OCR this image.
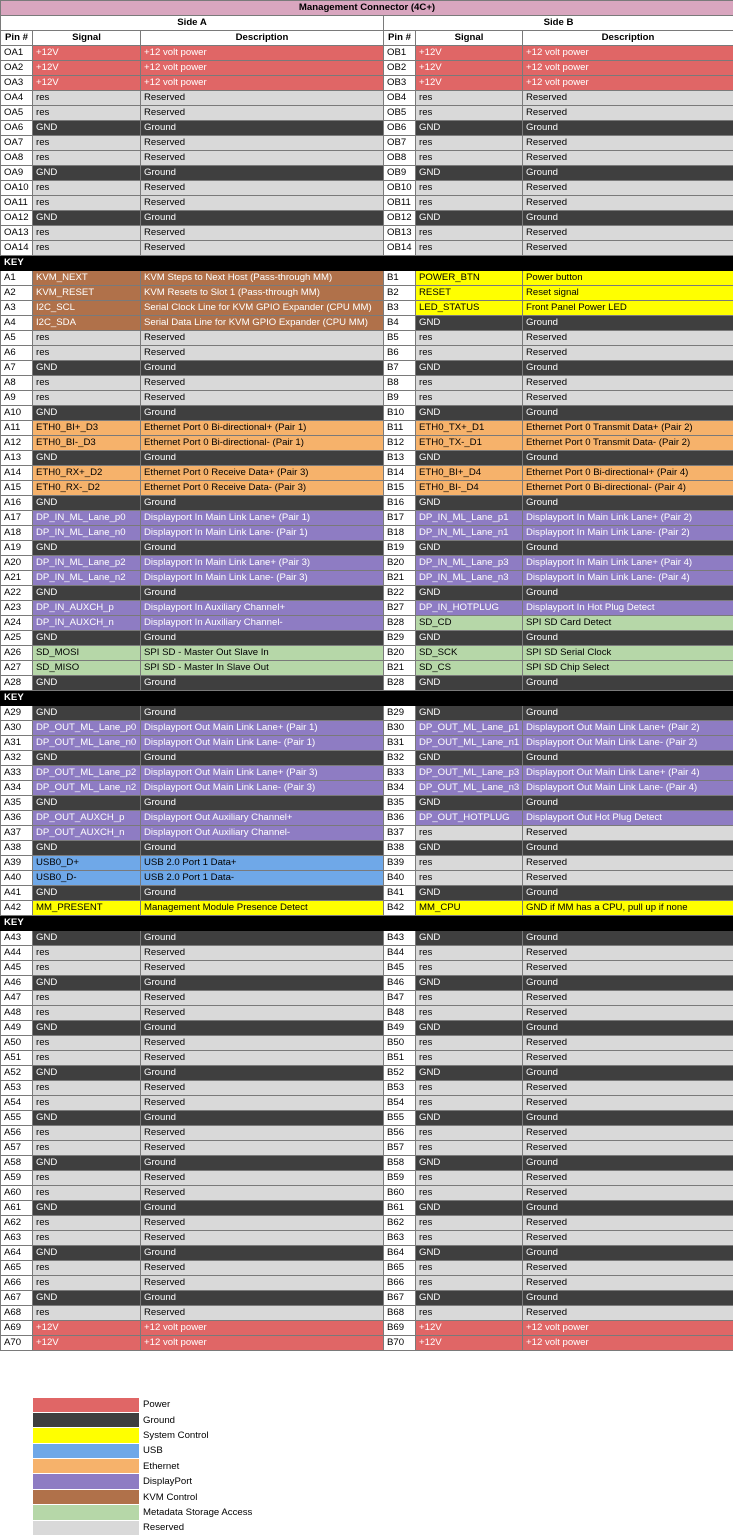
Management Connector (4C+)					
Side A			Side B		
Pin #	Signal	Description	Pin #	Signal	Description
OA1	+12V	+12 volt power	OB1	+12V	+12 volt power
OA2	+12V	+12 volt power	OB2	+12V	+12 volt power
OA3	+12V	+12 volt power	OB3	+12V	+12 volt power
OA4	res	Reserved	OB4	res	Reserved
OA5	res	Reserved	OB5	res	Reserved
OA6	GND	Ground	OB6	GND	Ground
OA7	res	Reserved	OB7	res	Reserved
OA8	res	Reserved	OB8	res	Reserved
OA9	GND	Ground	OB9	GND	Ground
OA10	res	Reserved	OB10	res	Reserved
OA11	res	Reserved	OB11	res	Reserved
OA12	GND	Ground	OB12	GND	Ground
OA13	res	Reserved	OB13	res	Reserved
OA14	res	Reserved	OB14	res	Reserved
KEY					
A1	KVM_NEXT	KVM Steps to Next Host (Pass-through MM)	B1	POWER_BTN	Power button
A2	KVM_RESET	KVM Resets to Slot 1 (Pass-through MM)	B2	RESET	Reset signal
A3	I2C_SCL	Serial Clock Line for KVM GPIO Expander (CPU MM)	B3	LED_STATUS	Front Panel Power LED
A4	I2C_SDA	Serial Data Line for KVM GPIO Expander (CPU MM)	B4	GND	Ground
A5	res	Reserved	B5	res	Reserved
A6	res	Reserved	B6	res	Reserved
A7	GND	Ground	B7	GND	Ground
A8	res	Reserved	B8	res	Reserved
A9	res	Reserved	B9	res	Reserved
A10	GND	Ground	B10	GND	Ground
A11	ETH0_BI+_D3	Ethernet Port 0 Bi-directional+ (Pair 1)	B11	ETH0_TX+_D1	Ethernet Port 0 Transmit Data+ (Pair 2)
A12	ETH0_BI-_D3	Ethernet Port 0 Bi-directional- (Pair 1)	B12	ETH0_TX-_D1	Ethernet Port 0 Transmit Data- (Pair 2)
A13	GND	Ground	B13	GND	Ground
A14	ETH0_RX+_D2	Ethernet Port 0 Receive Data+ (Pair 3)	B14	ETH0_BI+_D4	Ethernet Port 0 Bi-directional+ (Pair 4)
A15	ETH0_RX-_D2	Ethernet Port 0 Receive Data- (Pair 3)	B15	ETH0_BI-_D4	Ethernet Port 0 Bi-directional- (Pair 4)
A16	GND	Ground	B16	GND	Ground
A17	DP_IN_ML_Lane_p0	Displayport In Main Link Lane+ (Pair 1)	B17	DP_IN_ML_Lane_p1	Displayport In Main Link Lane+ (Pair 2)
A18	DP_IN_ML_Lane_n0	Displayport In Main Link Lane- (Pair 1)	B18	DP_IN_ML_Lane_n1	Displayport In Main Link Lane- (Pair 2)
A19	GND	Ground	B19	GND	Ground
A20	DP_IN_ML_Lane_p2	Displayport In Main Link Lane+ (Pair 3)	B20	DP_IN_ML_Lane_p3	Displayport In Main Link Lane+ (Pair 4)
A21	DP_IN_ML_Lane_n2	Displayport In Main Link Lane- (Pair 3)	B21	DP_IN_ML_Lane_n3	Displayport In Main Link Lane- (Pair 4)
A22	GND	Ground	B22	GND	Ground
A23	DP_IN_AUXCH_p	Displayport In Auxiliary Channel+	B27	DP_IN_HOTPLUG	Displayport In Hot Plug Detect
A24	DP_IN_AUXCH_n	Displayport In Auxiliary Channel-	B28	SD_CD	SPI SD Card Detect
A25	GND	Ground	B29	GND	Ground
A26	SD_MOSI	SPI SD - Master Out Slave In	B20	SD_SCK	SPI SD Serial Clock
A27	SD_MISO	SPI SD - Master In Slave Out	B21	SD_CS	SPI SD Chip Select
A28	GND	Ground	B28	GND	Ground
KEY					
A29	GND	Ground	B29	GND	Ground
A30	DP_OUT_ML_Lane_p0	Displayport Out Main Link Lane+ (Pair 1)	B30	DP_OUT_ML_Lane_p1	Displayport Out Main Link Lane+ (Pair 2)
A31	DP_OUT_ML_Lane_n0	Displayport Out Main Link Lane- (Pair 1)	B31	DP_OUT_ML_Lane_n1	Displayport Out Main Link Lane- (Pair 2)
A32	GND	Ground	B32	GND	Ground
A33	DP_OUT_ML_Lane_p2	Displayport Out Main Link Lane+ (Pair 3)	B33	DP_OUT_ML_Lane_p3	Displayport Out Main Link Lane+ (Pair 4)
A34	DP_OUT_ML_Lane_n2	Displayport Out Main Link Lane- (Pair 3)	B34	DP_OUT_ML_Lane_n3	Displayport Out Main Link Lane- (Pair 4)
A35	GND	Ground	B35	GND	Ground
A36	DP_OUT_AUXCH_p	Displayport Out Auxiliary Channel+	B36	DP_OUT_HOTPLUG	Displayport Out Hot Plug Detect
A37	DP_OUT_AUXCH_n	Displayport Out Auxiliary Channel-	B37	res	Reserved
A38	GND	Ground	B38	GND	Ground
A39	USB0_D+	USB 2.0 Port 1 Data+	B39	res	Reserved
A40	USB0_D-	USB 2.0 Port 1 Data-	B40	res	Reserved
A41	GND	Ground	B41	GND	Ground
A42	MM_PRESENT	Management Module Presence Detect	B42	MM_CPU	GND if MM has a CPU, pull up if none
KEY					
A43	GND	Ground	B43	GND	Ground
A44	res	Reserved	B44	res	Reserved
A45	res	Reserved	B45	res	Reserved
A46	GND	Ground	B46	GND	Ground
A47	res	Reserved	B47	res	Reserved
A48	res	Reserved	B48	res	Reserved
A49	GND	Ground	B49	GND	Ground
A50	res	Reserved	B50	res	Reserved
A51	res	Reserved	B51	res	Reserved
A52	GND	Ground	B52	GND	Ground
A53	res	Reserved	B53	res	Reserved
A54	res	Reserved	B54	res	Reserved
A55	GND	Ground	B55	GND	Ground
A56	res	Reserved	B56	res	Reserved
A57	res	Reserved	B57	res	Reserved
A58	GND	Ground	B58	GND	Ground
A59	res	Reserved	B59	res	Reserved
A60	res	Reserved	B60	res	Reserved
A61	GND	Ground	B61	GND	Ground
A62	res	Reserved	B62	res	Reserved
A63	res	Reserved	B63	res	Reserved
A64	GND	Ground	B64	GND	Ground
A65	res	Reserved	B65	res	Reserved
A66	res	Reserved	B66	res	Reserved
A67	GND	Ground	B67	GND	Ground
A68	res	Reserved	B68	res	Reserved
A69	+12V	+12 volt power	B69	+12V	+12 volt power
A70	+12V	+12 volt power	B70	+12V	+12 volt power
Power
Ground
System Control
USB
Ethernet
DisplayPort
KVM Control
Metadata Storage Access
Reserved
